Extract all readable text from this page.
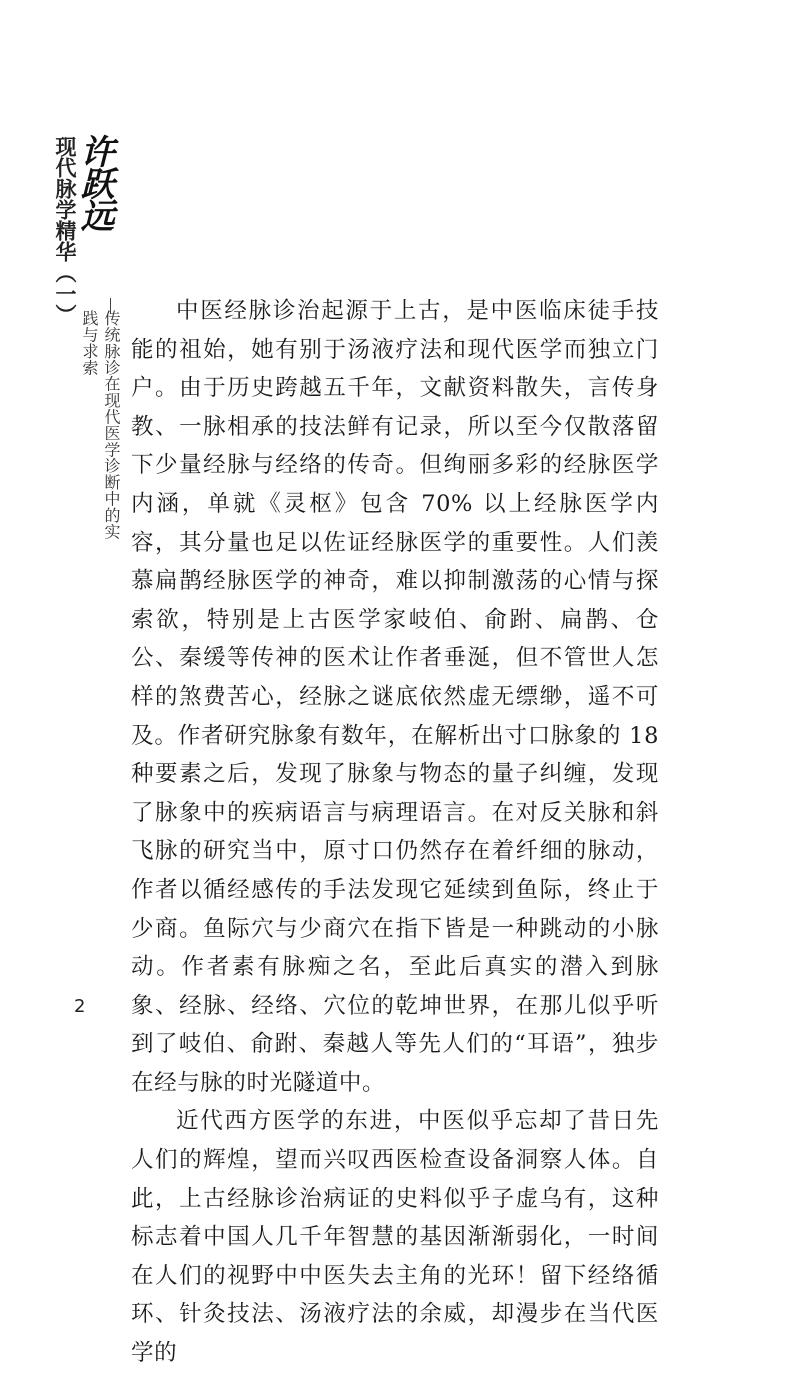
许跃远
现代脉学精华（一）
传统脉诊在现代医学诊断中的实践与求索	中医经脉诊治起源于上古，是中医临床徒手技能的祖始，她有别于汤液疗法和现代医学而独立门户。由于历史跨越五千年，文献资料散失，言传身教、一脉相承的技法鲜有记录，所以至今仅散落留下少量经脉与经络的传奇。但绚丽多彩的经脉医学内涵，单就《灵枢》包含 70% 以上经脉医学内容，其分量也足以佐证经脉医学的重要性。人们羡慕扁鹊经脉医学的神奇，难以抑制激荡的心情与探索欲，特别是上古医学家岐伯、俞跗、扁鹊、仓公、秦缓等传神的医术让作者垂涎，但不管世人怎样的煞费苦心，经脉之谜底依然虚无缥缈，遥不可及。作者研究脉象有数年，在解析出寸口脉象的 18 种要素之后，发现了脉象与物态的量子纠缠，发现了脉象中的疾病语言与病理语言。在对反关脉和斜飞脉的研究当中，原寸口仍然存在着纤细的脉动，作者以循经感传的手法发现它延续到鱼际，终止于少商。鱼际穴与少商穴在指下皆是一种跳动的小脉动。作者素有脉痴之名，至此后真实的潜入到脉象、经脉、经络、穴位的乾坤世界，在那儿似乎听到了岐伯、俞跗、秦越人等先人们的“耳语”，独步在经与脉的时光隧道中。

近代西方医学的东进，中医似乎忘却了昔日先人们的辉煌，望而兴叹西医检查设备洞察人体。自此，上古经脉诊治病证的史料似乎子虚乌有，这种标志着中国人几千年智慧的基因渐渐弱化，一时间在人们的视野中中医失去主角的光环！留下经络循环、针灸技法、汤液疗法的余威，却漫步在当代医学的

2
